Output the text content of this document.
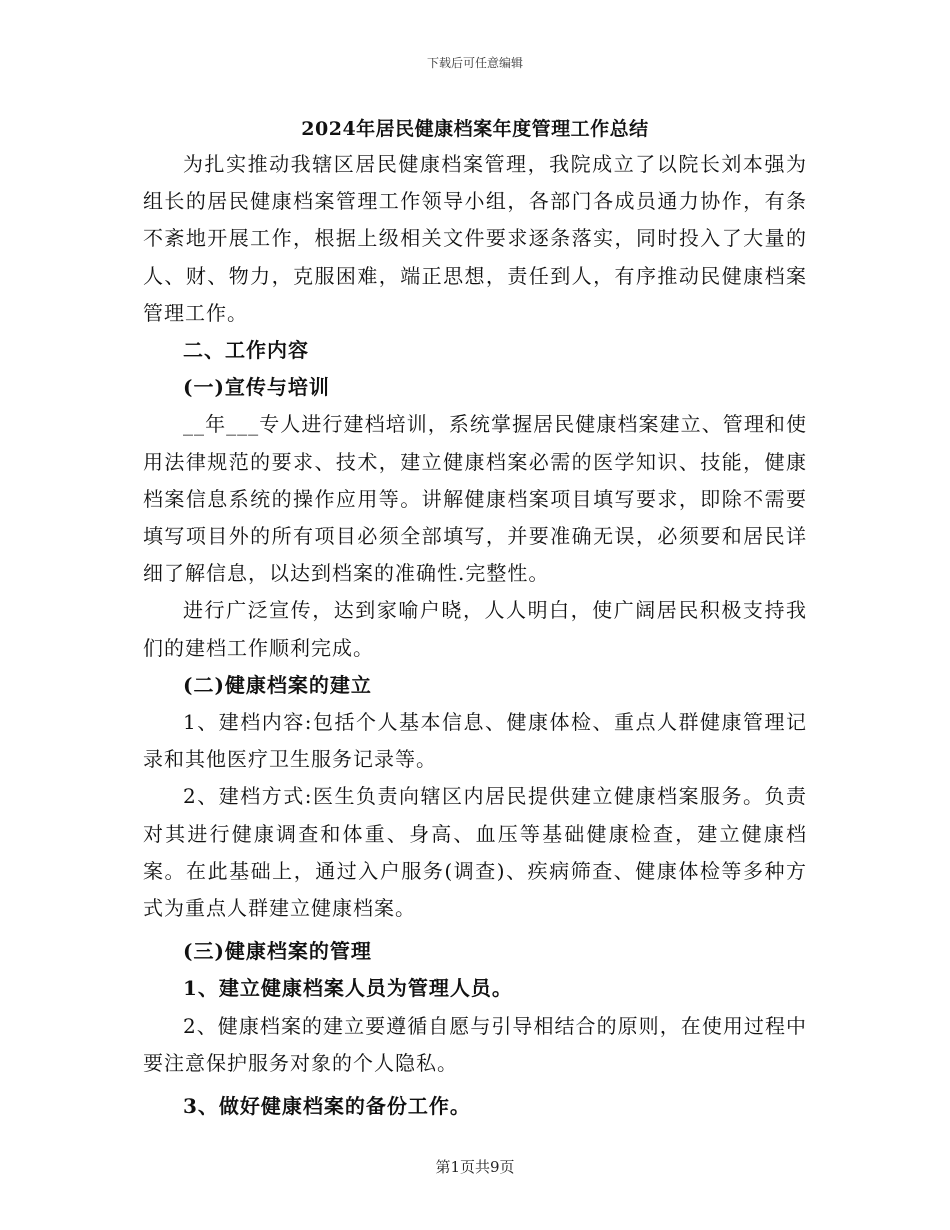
下载后可任意编辑
2024年居民健康档案年度管理工作总结

为扎实推动我辖区居民健康档案管理，我院成立了以院长刘本强为组长的居民健康档案管理工作领导小组，各部门各成员通力协作，有条不紊地开展工作，根据上级相关文件要求逐条落实，同时投入了大量的人、财、物力，克服困难，端正思想，责任到人，有序推动民健康档案管理工作。

二、工作内容

(一)宣传与培训

__年___专人进行建档培训，系统掌握居民健康档案建立、管理和使用法律规范的要求、技术，建立健康档案必需的医学知识、技能，健康档案信息系统的操作应用等。讲解健康档案项目填写要求，即除不需要填写项目外的所有项目必须全部填写，并要准确无误，必须要和居民详细了解信息，以达到档案的准确性.完整性。

进行广泛宣传，达到家喻户晓，人人明白，使广阔居民积极支持我们的建档工作顺利完成。

(二)健康档案的建立

1、建档内容:包括个人基本信息、健康体检、重点人群健康管理记录和其他医疗卫生服务记录等。

2、建档方式:医生负责向辖区内居民提供建立健康档案服务。负责对其进行健康调查和体重、身高、血压等基础健康检查，建立健康档案。在此基础上，通过入户服务(调查)、疾病筛查、健康体检等多种方式为重点人群建立健康档案。

(三)健康档案的管理

1、建立健康档案人员为管理人员。

2、健康档案的建立要遵循自愿与引导相结合的原则，在使用过程中要注意保护服务对象的个人隐私。

3、做好健康档案的备份工作。

第1页共9页
